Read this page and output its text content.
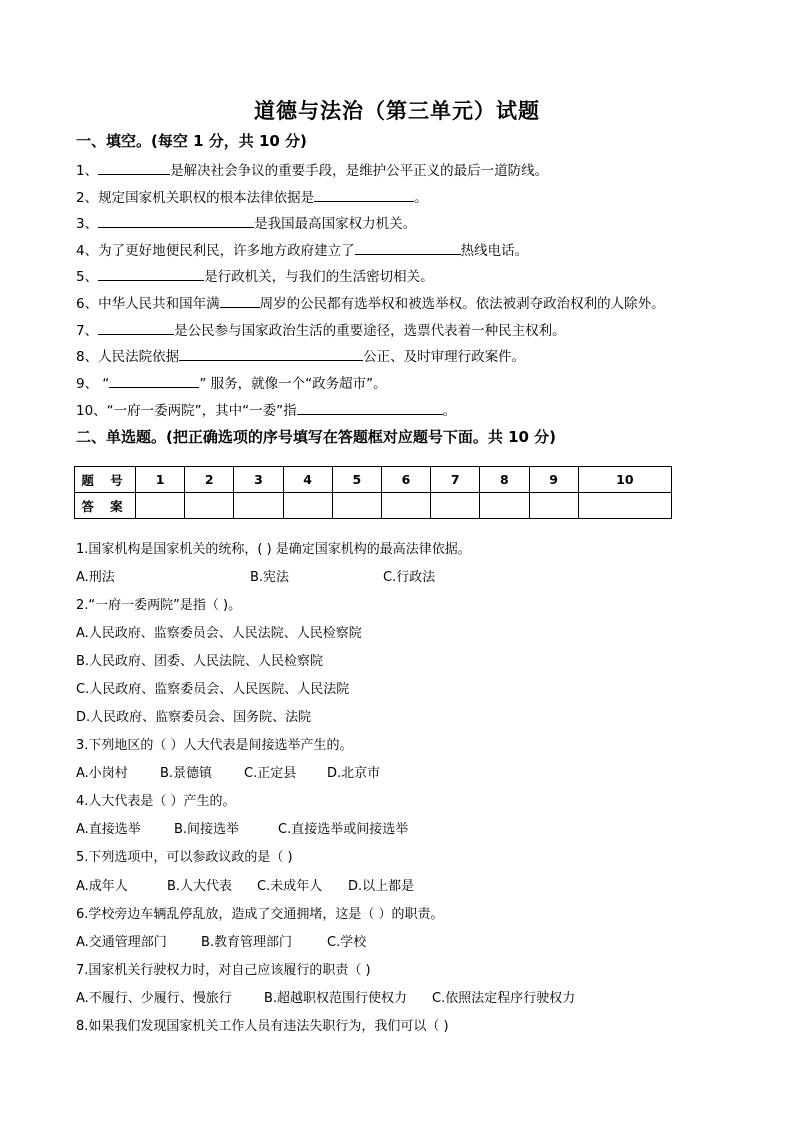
道德与法治（第三单元）试题
一、填空。(每空 1 分，共 10 分)
1、	是解决社会争议的重要手段，是维护公平正义的最后一道防线。
2、规定国家机关职权的根本法律依据是	。
3、	是我国最高国家权力机关。
4、为了更好地便民利民，许多地方政府建立了	热线电话。
5、	是行政机关，与我们的生活密切相关。
6、中华人民共和国年满	周岁的公民都有选举权和被选举权。依法被剥夺政治权利的人除外。
7、	是公民参与国家政治生活的重要途径，选票代表着一种民主权利。
8、人民法院依据	公正、及时审理行政案件。
9、 “	” 服务，就像一个“政务超市”。
10、“一府一委两院”，其中“一委”指	。
二、单选题。(把正确选项的序号填写在答题框对应题号下面。共 10 分)
题 号	1	2	3	4	5	6	7	8	9	10
答 案										
1.国家机构是国家机关的统称，( ) 是确定国家机构的最高法律依据。
A.刑法	B.宪法	C.行政法
2.“一府一委两院”是指（ )。
A.人民政府、监察委员会、人民法院、人民检察院
B.人民政府、团委、人民法院、人民检察院
C.人民政府、监察委员会、人民医院、人民法院
D.人民政府、监察委员会、国务院、法院
3.下列地区的（ ）人大代表是间接选举产生的。
A.小岗村 B.景德镇 C.正定县 D.北京市
4.人大代表是（ ）产生的。
A.直接选举	B.间接选举	C.直接选举或间接选举
5.下列选项中，可以参政议政的是（ )
A.成年人	B.人大代表 C.未成年人 D.以上都是
6.学校旁边车辆乱停乱放，造成了交通拥堵，这是（ ）的职责。
A.交通管理部门	B.教育管理部门	C.学校
7.国家机关行驶权力时，对自己应该履行的职责（ )
A.不履行、少履行、慢旅行 B.超越职权范围行使权力 C.依照法定程序行驶权力
8.如果我们发现国家机关工作人员有违法失职行为，我们可以（ )
